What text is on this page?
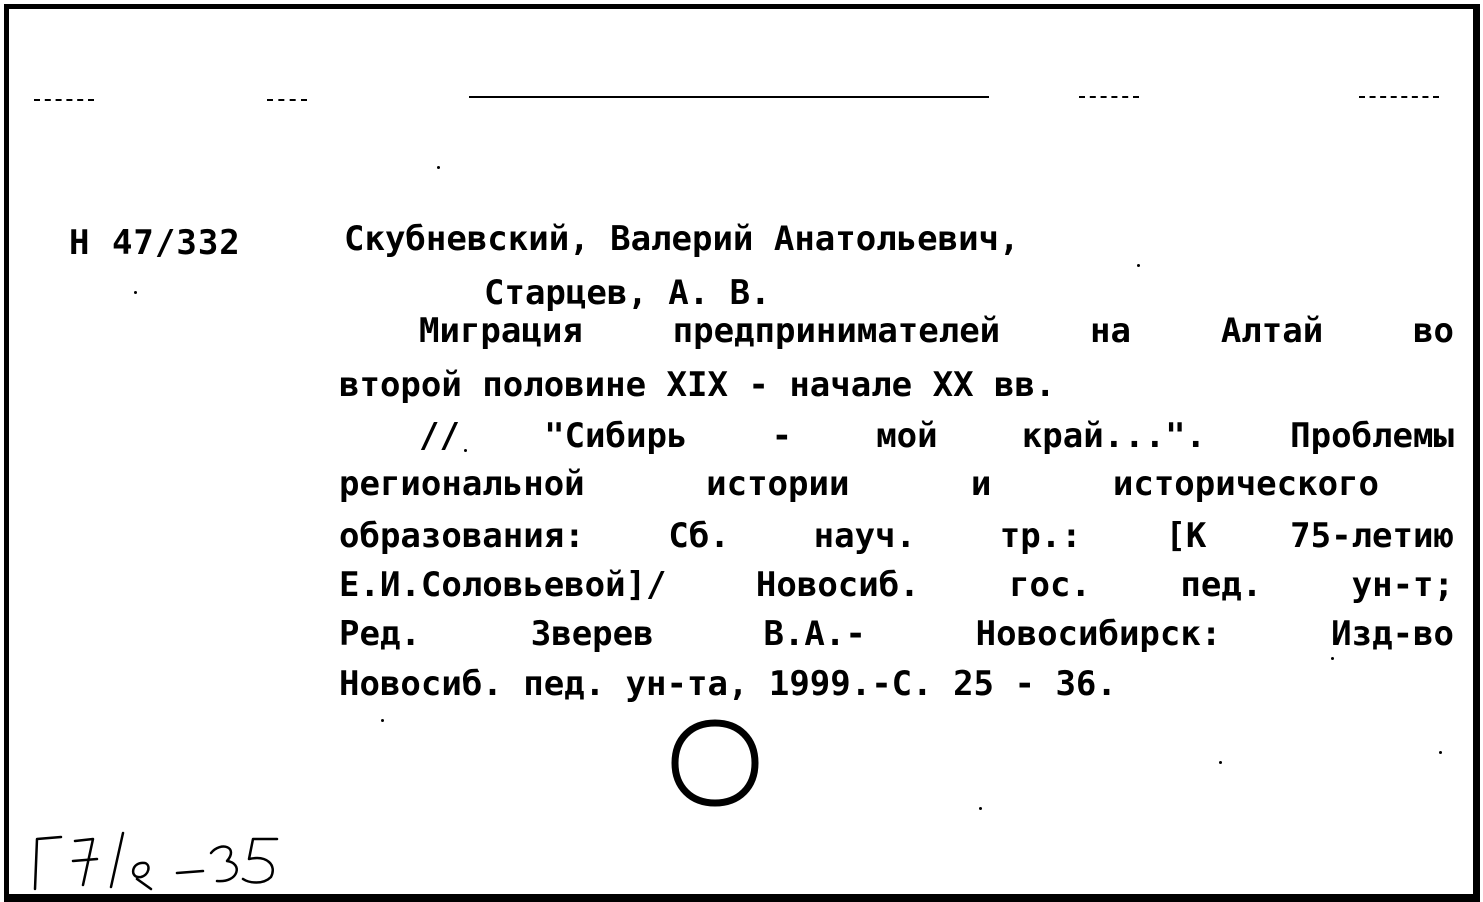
Н 47/332	Скубневский, Валерий Анатольевич,
Старцев, А. В.
Миграция	предпринимателей	на	Алтай	во
второй половине XIX - начале XX вв.
// "Сибирь - мой край...". Проблемы
региональной	истории	и	исторического
образования: Сб. науч. тр.: [К 75-летию
Е.И.Соловьевой]/	Новосиб.	гос.	пед.	ун-т;
Ред.	Зверев	В.А.-	Новосибирск:	Изд-во
Новосиб. пед. ун-та, 1999.-С. 25 - 36.
